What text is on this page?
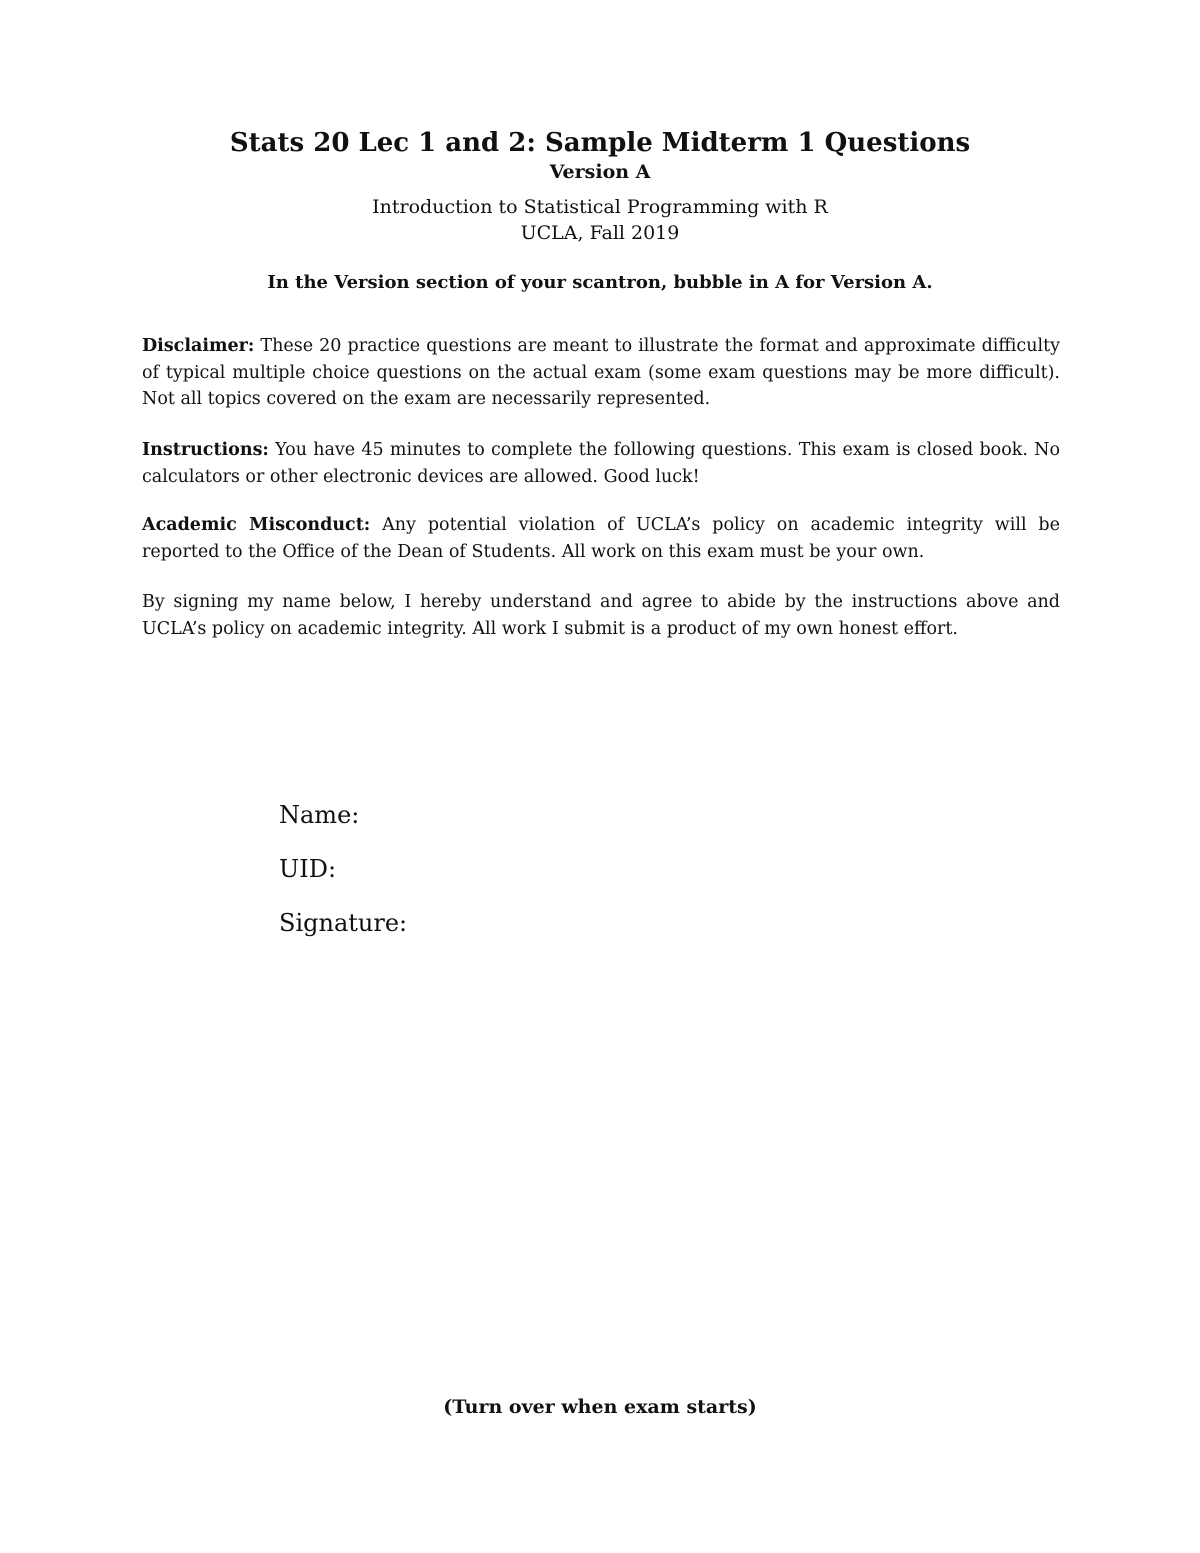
Stats 20 Lec 1 and 2: Sample Midterm 1 Questions
Version A
Introduction to Statistical Programming with R
UCLA, Fall 2019
In the Version section of your scantron, bubble in A for Version A.
Disclaimer: These 20 practice questions are meant to illustrate the format and approximate difficulty of typical multiple choice questions on the actual exam (some exam questions may be more difficult). Not all topics covered on the exam are necessarily represented.
Instructions: You have 45 minutes to complete the following questions. This exam is closed book. No calculators or other electronic devices are allowed. Good luck!
Academic Misconduct: Any potential violation of UCLA’s policy on academic integrity will be reported to the Office of the Dean of Students. All work on this exam must be your own.
By signing my name below, I hereby understand and agree to abide by the instructions above and UCLA’s policy on academic integrity. All work I submit is a product of my own honest effort.
Name:
UID:
Signature:
(Turn over when exam starts)
